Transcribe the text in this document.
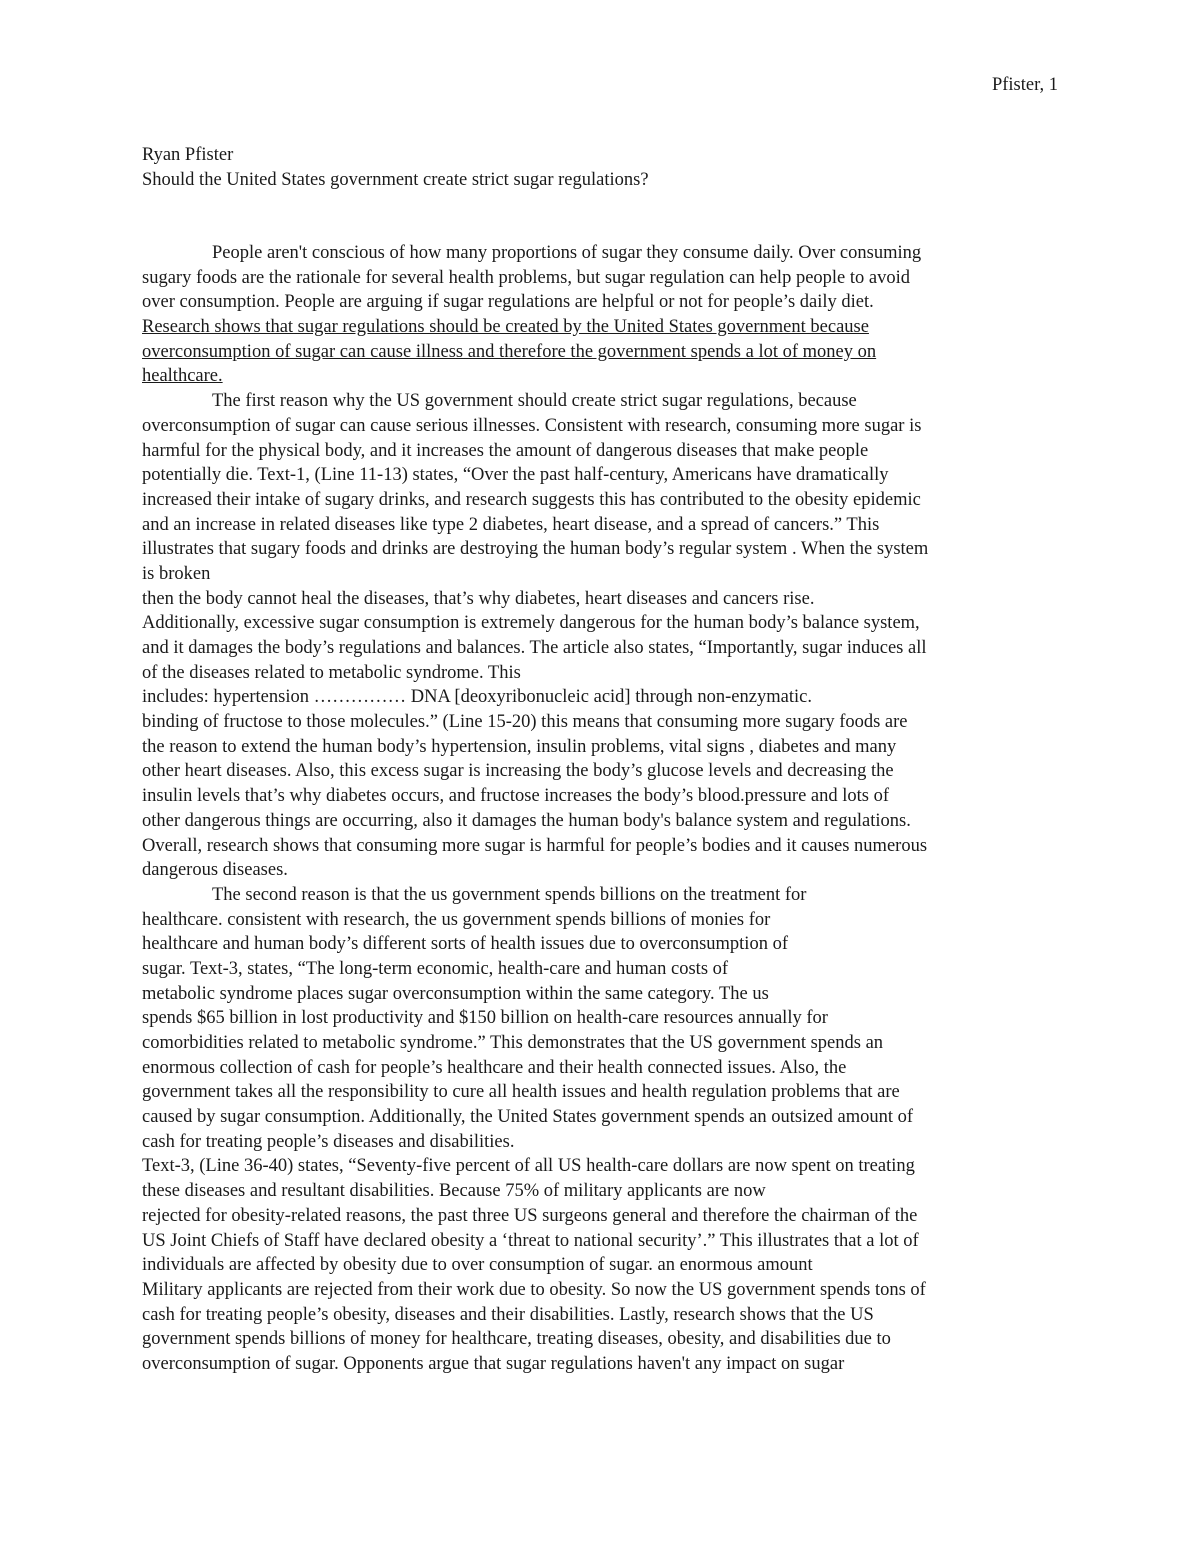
Pfister, 1
Ryan Pfister
Should the United States government create strict sugar regulations?
People aren't conscious of how many proportions of sugar they consume daily. Over consuming
sugary foods are the rationale for several health problems, but sugar regulation can help people to avoid
over consumption. People are arguing if sugar regulations are helpful or not for people’s daily diet.
Research shows that sugar regulations should be created by the United States government because
overconsumption of sugar can cause illness and therefore the government spends a lot of money on
healthcare.
The first reason why the US government should create strict sugar regulations, because
overconsumption of sugar can cause serious illnesses. Consistent with research, consuming more sugar is
harmful for the physical body, and it increases the amount of dangerous diseases that make people
potentially die. Text-1, (Line 11-13) states, “Over the past half-century, Americans have dramatically
increased their intake of sugary drinks, and research suggests this has contributed to the obesity epidemic
and an increase in related diseases like type 2 diabetes, heart disease, and a spread of cancers.” This
illustrates that sugary foods and drinks are destroying the human body’s regular system . When the system
is broken
then the body cannot heal the diseases, that’s why diabetes, heart diseases and cancers rise.
Additionally, excessive sugar consumption is extremely dangerous for the human body’s balance system,
and it damages the body’s regulations and balances. The article also states, “Importantly, sugar induces all
of the diseases related to metabolic syndrome. This
includes: hypertension …………… DNA [deoxyribonucleic acid] through non-enzymatic.
binding of fructose to those molecules.” (Line 15-20) this means that consuming more sugary foods are
the reason to extend the human body’s hypertension, insulin problems, vital signs , diabetes and many
other heart diseases. Also, this excess sugar is increasing the body’s glucose levels and decreasing the
insulin levels that’s why diabetes occurs, and fructose increases the body’s blood.pressure and lots of
other dangerous things are occurring, also it damages the human body's balance system and regulations.
Overall, research shows that consuming more sugar is harmful for people’s bodies and it causes numerous
dangerous diseases.
The second reason is that the us government spends billions on the treatment for
healthcare. consistent with research, the us government spends billions of monies for
healthcare and human body’s different sorts of health issues due to overconsumption of
sugar. Text-3, states, “The long-term economic, health-care and human costs of
metabolic syndrome places sugar overconsumption within the same category. The us
spends $65 billion in lost productivity and $150 billion on health-care resources annually for
comorbidities related to metabolic syndrome.” This demonstrates that the US government spends an
enormous collection of cash for people’s healthcare and their health connected issues. Also, the
government takes all the responsibility to cure all health issues and health regulation problems that are
caused by sugar consumption. Additionally, the United States government spends an outsized amount of
cash for treating people’s diseases and disabilities.
Text-3, (Line 36-40) states, “Seventy-five percent of all US health-care dollars are now spent on treating
these diseases and resultant disabilities. Because 75% of military applicants are now
rejected for obesity-related reasons, the past three US surgeons general and therefore the chairman of the
US Joint Chiefs of Staff have declared obesity a ‘threat to national security’.” This illustrates that a lot of
individuals are affected by obesity due to over consumption of sugar. an enormous amount
Military applicants are rejected from their work due to obesity. So now the US government spends tons of
cash for treating people’s obesity, diseases and their disabilities. Lastly, research shows that the US
government spends billions of money for healthcare, treating diseases, obesity, and disabilities due to
overconsumption of sugar. Opponents argue that sugar regulations haven't any impact on sugar
